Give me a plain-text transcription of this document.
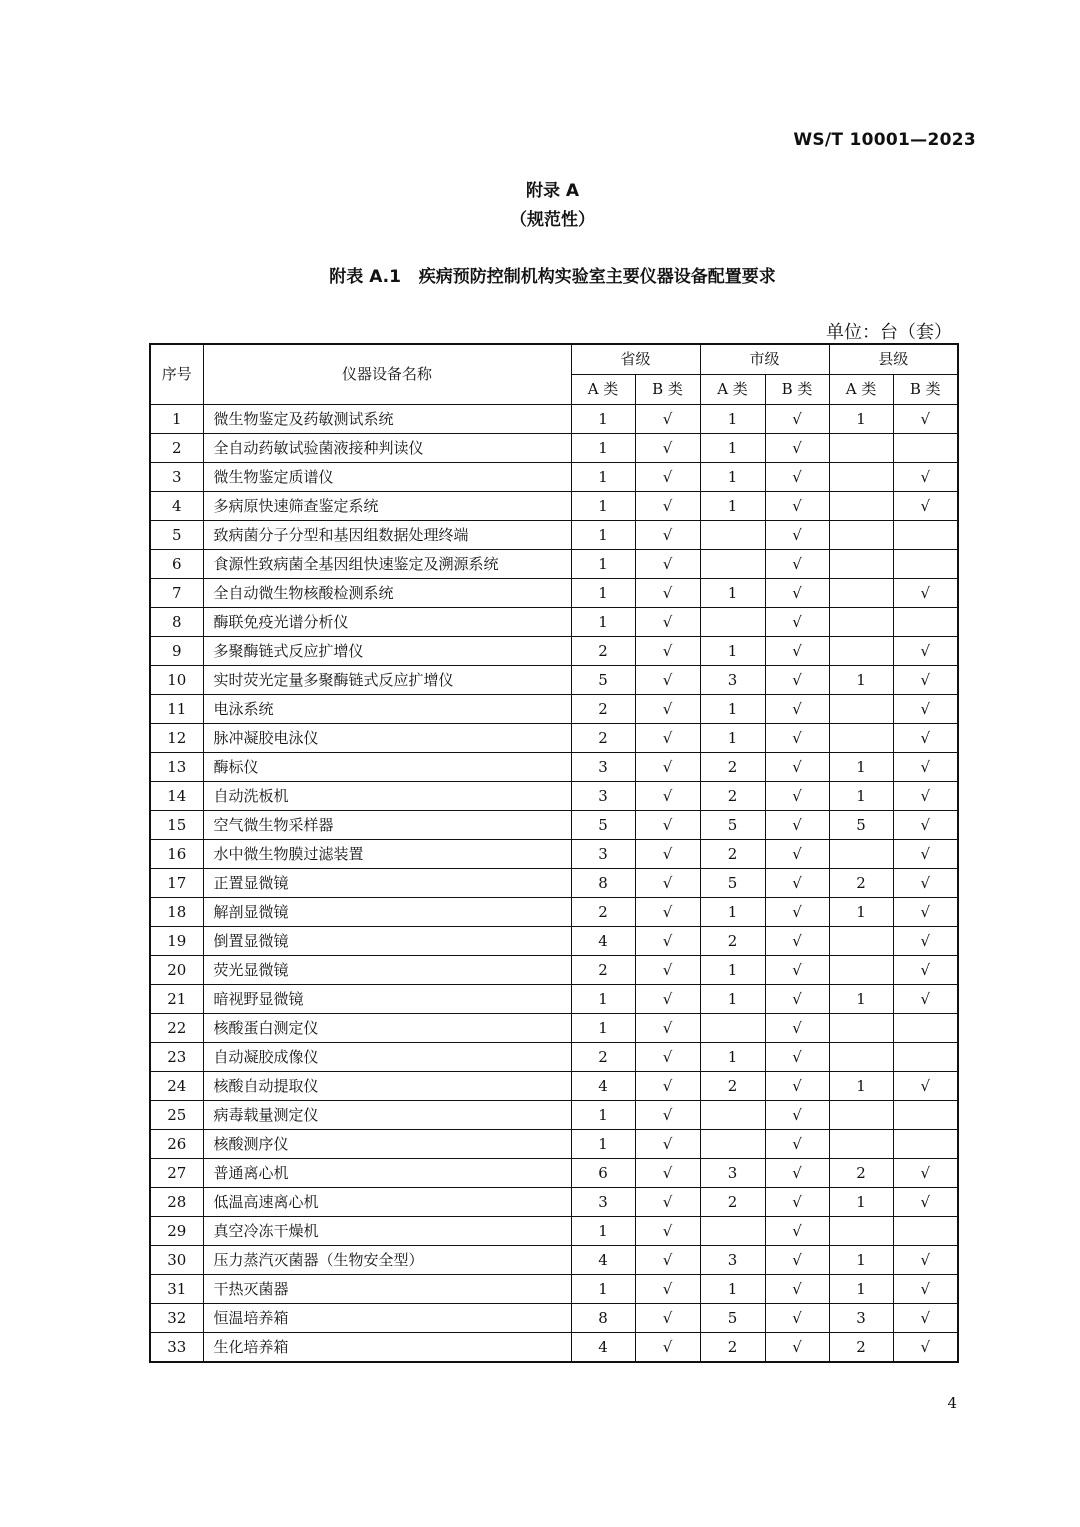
WS/T 10001—2023
附录 A
（规范性）
附表 A.1   疾病预防控制机构实验室主要仪器设备配置要求
单位：台（套）
序号	仪器设备名称	省级		市级		县级	
		A 类	B 类	A 类	B 类	A 类	B 类
1	微生物鉴定及药敏测试系统	1	√	1	√	1	√
2	全自动药敏试验菌液接种判读仪	1	√	1	√		
3	微生物鉴定质谱仪	1	√	1	√		√
4	多病原快速筛查鉴定系统	1	√	1	√		√
5	致病菌分子分型和基因组数据处理终端	1	√		√		
6	食源性致病菌全基因组快速鉴定及溯源系统	1	√		√		
7	全自动微生物核酸检测系统	1	√	1	√		√
8	酶联免疫光谱分析仪	1	√		√		
9	多聚酶链式反应扩增仪	2	√	1	√		√
10	实时荧光定量多聚酶链式反应扩增仪	5	√	3	√	1	√
11	电泳系统	2	√	1	√		√
12	脉冲凝胶电泳仪	2	√	1	√		√
13	酶标仪	3	√	2	√	1	√
14	自动洗板机	3	√	2	√	1	√
15	空气微生物采样器	5	√	5	√	5	√
16	水中微生物膜过滤装置	3	√	2	√		√
17	正置显微镜	8	√	5	√	2	√
18	解剖显微镜	2	√	1	√	1	√
19	倒置显微镜	4	√	2	√		√
20	荧光显微镜	2	√	1	√		√
21	暗视野显微镜	1	√	1	√	1	√
22	核酸蛋白测定仪	1	√		√		
23	自动凝胶成像仪	2	√	1	√		
24	核酸自动提取仪	4	√	2	√	1	√
25	病毒载量测定仪	1	√		√		
26	核酸测序仪	1	√		√		
27	普通离心机	6	√	3	√	2	√
28	低温高速离心机	3	√	2	√	1	√
29	真空冷冻干燥机	1	√		√		
30	压力蒸汽灭菌器（生物安全型）	4	√	3	√	1	√
31	干热灭菌器	1	√	1	√	1	√
32	恒温培养箱	8	√	5	√	3	√
33	生化培养箱	4	√	2	√	2	√
4
